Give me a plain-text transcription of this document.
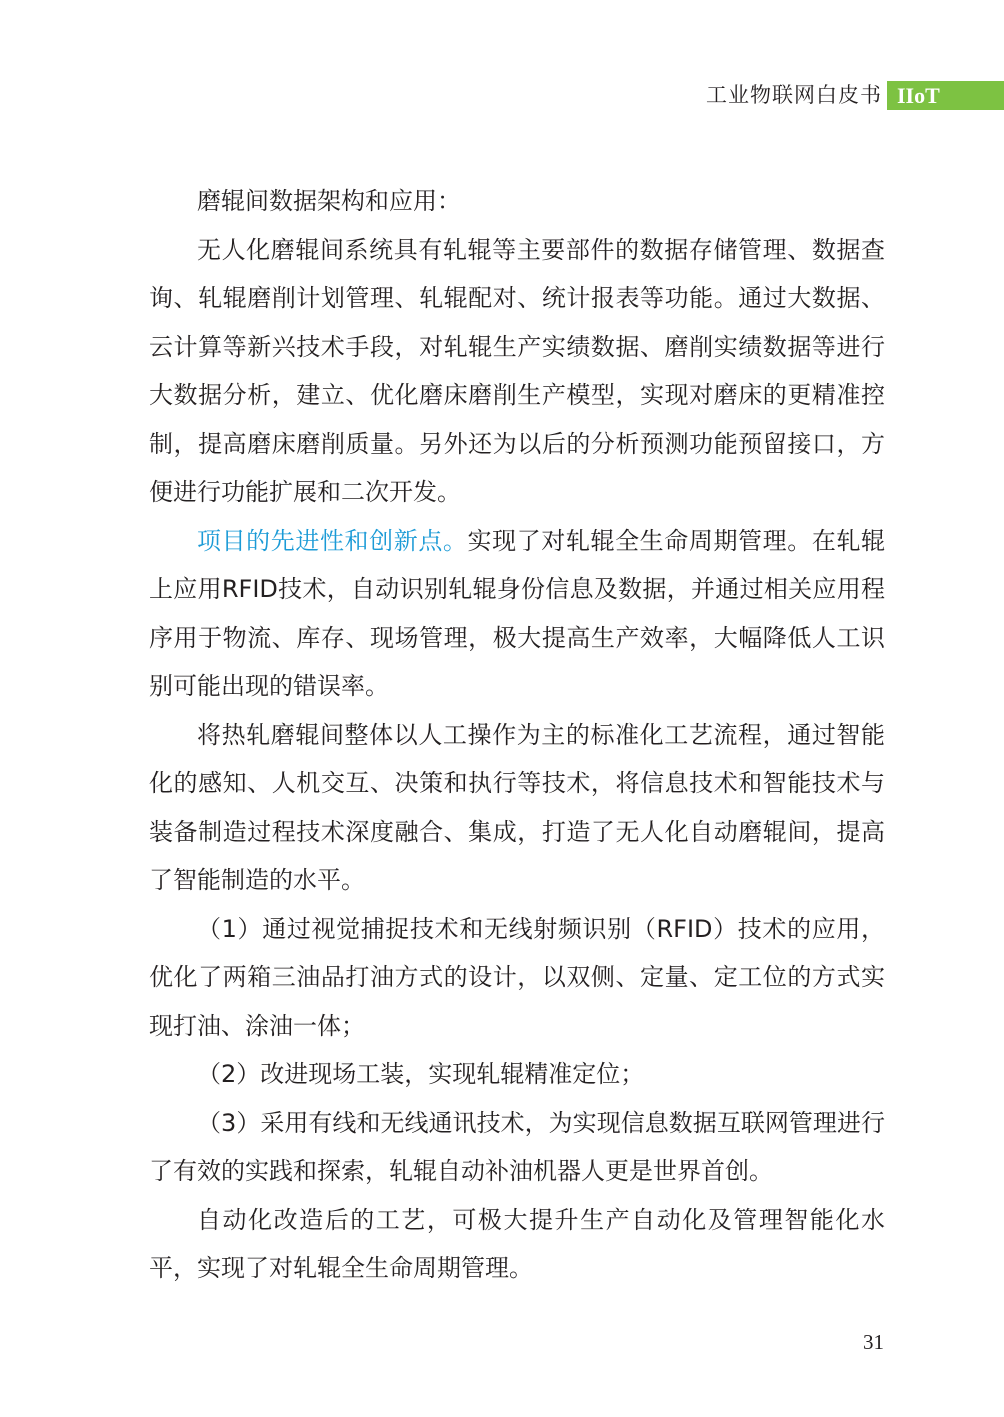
工业物联网白皮书 IIoT

磨辊间数据架构和应用：

无人化磨辊间系统具有轧辊等主要部件的数据存储管理、数据查询、轧辊磨削计划管理、轧辊配对、统计报表等功能。通过大数据、云计算等新兴技术手段，对轧辊生产实绩数据、磨削实绩数据等进行大数据分析，建立、优化磨床磨削生产模型，实现对磨床的更精准控制，提高磨床磨削质量。另外还为以后的分析预测功能预留接口，方便进行功能扩展和二次开发。

项目的先进性和创新点。实现了对轧辊全生命周期管理。在轧辊上应用RFID技术，自动识别轧辊身份信息及数据，并通过相关应用程序用于物流、库存、现场管理，极大提高生产效率，大幅降低人工识别可能出现的错误率。

将热轧磨辊间整体以人工操作为主的标准化工艺流程，通过智能化的感知、人机交互、决策和执行等技术，将信息技术和智能技术与装备制造过程技术深度融合、集成，打造了无人化自动磨辊间，提高了智能制造的水平。

（1）通过视觉捕捉技术和无线射频识别（RFID）技术的应用，优化了两箱三油品打油方式的设计，以双侧、定量、定工位的方式实现打油、涂油一体；

（2）改进现场工装，实现轧辊精准定位；

（3）采用有线和无线通讯技术，为实现信息数据互联网管理进行了有效的实践和探索，轧辊自动补油机器人更是世界首创。

自动化改造后的工艺，可极大提升生产自动化及管理智能化水平，实现了对轧辊全生命周期管理。

31
